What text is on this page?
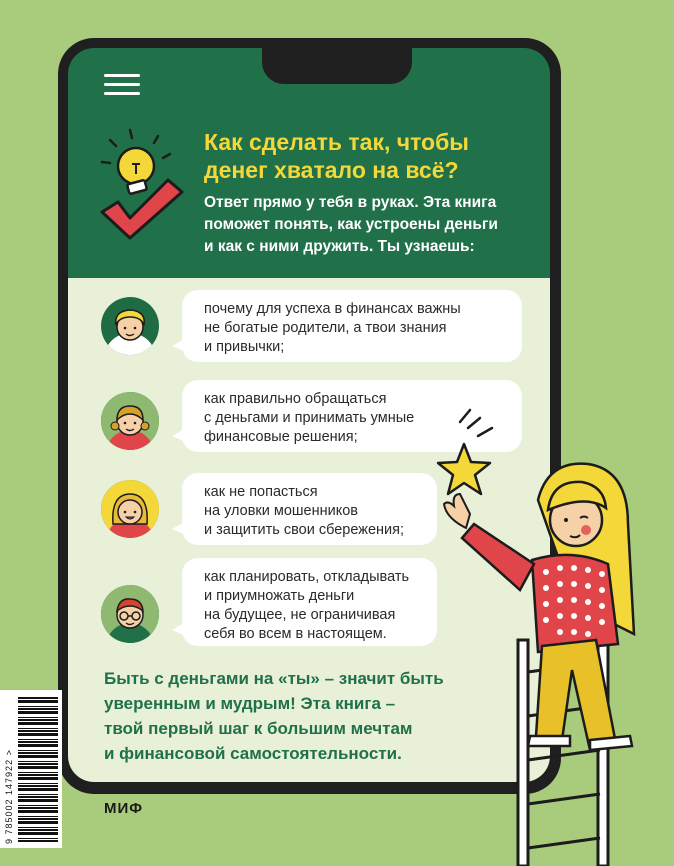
Как сделать так, чтобы
денег хватало на всё?
Ответ прямо у тебя в руках. Эта книга
поможет понять, как устроены деньги
и как с ними дружить. Ты узнаешь:
почему для успеха в финансах важны
не богатые родители, а твои знания
и привычки;
как правильно обращаться
с деньгами и принимать умные
финансовые решения;
как не попасться
на уловки мошенников
и защитить свои сбережения;
как планировать, откладывать
и приумножать деньги
на будущее, не ограничивая
себя во всем в настоящем.
Быть с деньгами на «ты» – значит быть
уверенным и мудрым! Эта книга –
твой первый шаг к большим мечтам
и финансовой самостоятельности.
9 785002 147922 >	МИФ
